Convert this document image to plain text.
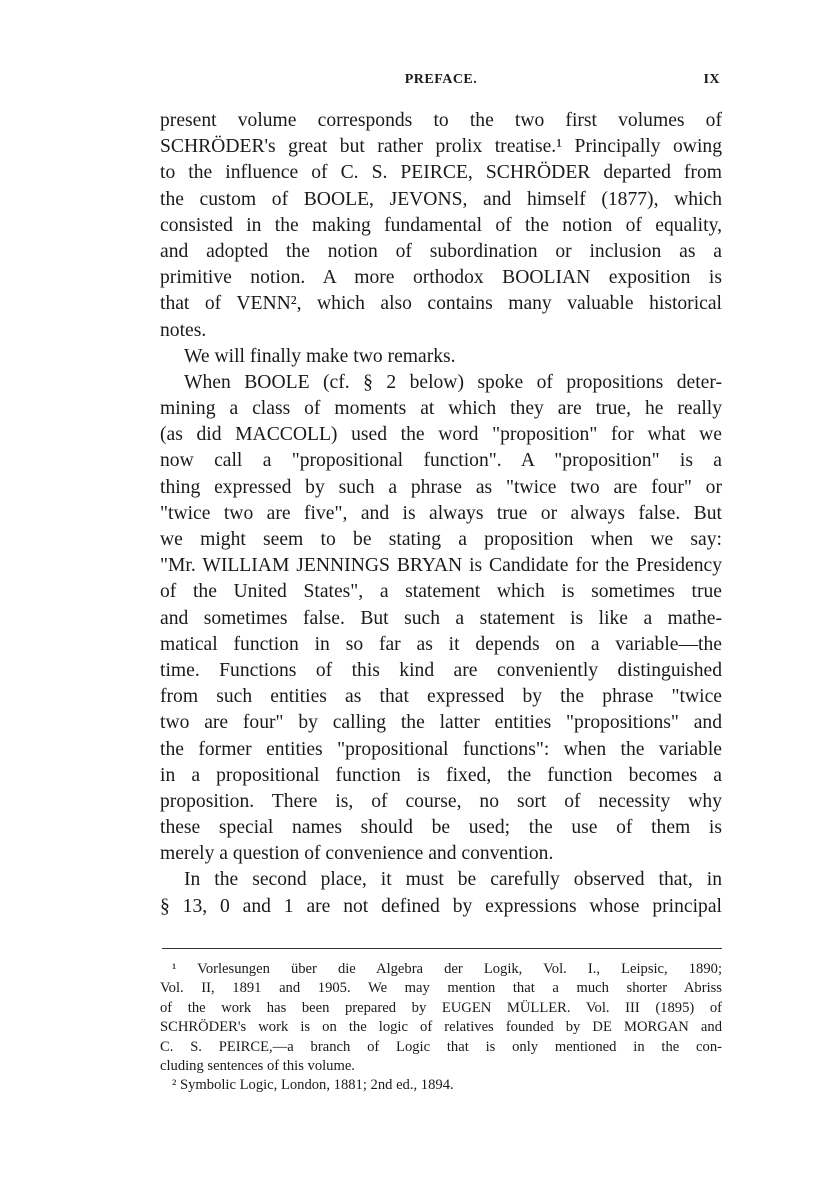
PREFACE.	IX
present volume corresponds to the two first volumes of
SCHRÖDER's great but rather prolix treatise.¹ Principally owing
to the influence of C. S. PEIRCE, SCHRÖDER departed from
the custom of BOOLE, JEVONS, and himself (1877), which
consisted in the making fundamental of the notion of equality,
and adopted the notion of subordination or inclusion as a
primitive notion. A more orthodox BOOLIAN exposition is
that of VENN², which also contains many valuable historical
notes.
We will finally make two remarks.
When BOOLE (cf. § 2 below) spoke of propositions deter-
mining a class of moments at which they are true, he really
(as did MACCOLL) used the word "proposition" for what we
now call a "propositional function". A "proposition" is a
thing expressed by such a phrase as "twice two are four" or
"twice two are five", and is always true or always false. But
we might seem to be stating a proposition when we say:
"Mr. WILLIAM JENNINGS BRYAN is Candidate for the Presidency
of the United States", a statement which is sometimes true
and sometimes false. But such a statement is like a mathe-
matical function in so far as it depends on a variable—the
time. Functions of this kind are conveniently distinguished
from such entities as that expressed by the phrase "twice
two are four" by calling the latter entities "propositions" and
the former entities "propositional functions": when the variable
in a propositional function is fixed, the function becomes a
proposition. There is, of course, no sort of necessity why
these special names should be used; the use of them is
merely a question of convenience and convention.
In the second place, it must be carefully observed that, in
§ 13, 0 and 1 are not defined by expressions whose principal
¹ Vorlesungen über die Algebra der Logik, Vol. I., Leipsic, 1890;
Vol. II, 1891 and 1905. We may mention that a much shorter Abriss
of the work has been prepared by EUGEN MÜLLER. Vol. III (1895) of
SCHRÖDER's work is on the logic of relatives founded by DE MORGAN and
C. S. PEIRCE,—a branch of Logic that is only mentioned in the con-
cluding sentences of this volume.
² Symbolic Logic, London, 1881; 2nd ed., 1894.
